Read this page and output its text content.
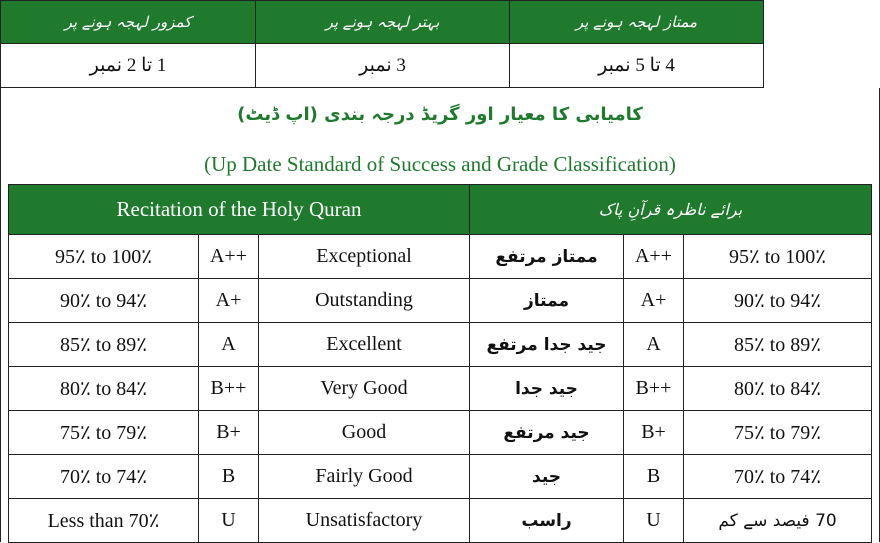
کمزور لہجہ ہونے پر	بہتر لہجہ ہونے پر	ممتاز لہجہ ہونے پر
1 تا 2 نمبر	3 نمبر	4 تا 5 نمبر
کامیابی کا معیار اور گریڈ درجہ بندی (اپ ڈیٹ)
(Up Date Standard of Success and Grade Classification)
Recitation of the Holy Quran	برائے ناظرہ قرآنِ پاک
95٪ to 100٪	A++	Exceptional	ممتاز مرتفع	A++	95٪ to 100٪
90٪ to 94٪	A+	Outstanding	ممتاز	A+	90٪ to 94٪
85٪ to 89٪	A	Excellent	جید جدا مرتفع	A	85٪ to 89٪
80٪ to 84٪	B++	Very Good	جید جدا	B++	80٪ to 84٪
75٪ to 79٪	B+	Good	جید مرتفع	B+	75٪ to 79٪
70٪ to 74٪	B	Fairly Good	جید	B	70٪ to 74٪
Less than 70٪	U	Unsatisfactory	راسب	U	70 فیصد سے کم
